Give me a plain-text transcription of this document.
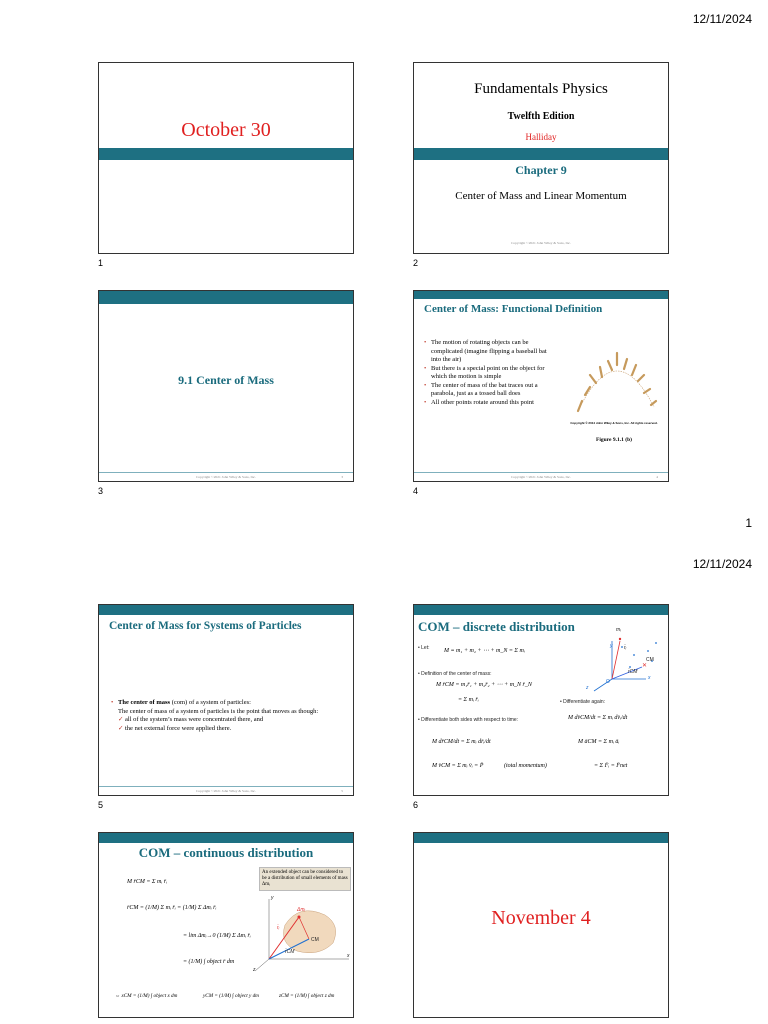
12/11/2024
October 30
1
Fundamentals Physics
Twelfth Edition
Halliday
Chapter 9
Center of Mass and Linear Momentum
Copyright ©2021 John Wiley & Sons, Inc.
2
9.1 Center of Mass
Copyright ©2021 John Wiley & Sons, Inc.	3
3
Center of Mass: Functional Definition
• The motion of rotating objects can be complicated (imagine flipping a baseball bat into the air)
• But there is a special point on the object for which the motion is simple
• The center of mass of the bat traces out a parabola, just as a tossed ball does
• All other points rotate around this point
Copyright © 2014 John Wiley & Sons, Inc. All rights reserved.
Figure 9.1.1 (b)
Copyright ©2021 John Wiley & Sons, Inc.	4
4
1
12/11/2024
Center of Mass for Systems of Particles
• The center of mass (com) of a system of particles:
The center of mass of a system of particles is the point that moves as though:
✓ all of the system’s mass were concentrated there, and
✓ the net external force were applied there.
Copyright ©2021 John Wiley & Sons, Inc.	5
5
COM – discrete distribution
• Let: M ≡ m₁ + m₂ + ⋯ + m_N = Σ mᵢ
• Definition of the center of mass:
M r̄CM = m₁r̄₁ + m₂r̄₂ + ⋯ + m_N r̄_N
= Σ mᵢ r̄ᵢ
• Differentiate both sides with respect to time:
M dr̄CM/dt = Σ mᵢ dr̄ᵢ/dt
M v̄CM = Σ mᵢ v̄ᵢ = P̄	(total momentum)
• Differentiate again:
M dv̄CM/dt = Σ mᵢ dv̄ᵢ/dt
M āCM = Σ mᵢ āᵢ
= Σ F̄ᵢ = F̄net
✕
y
x
z
O
CM
mᵢ
r̄ᵢ
r̄CM
6
COM – continuous distribution
M r̄CM = Σ mᵢ r̄ᵢ
r̄CM = (1/M) Σ mᵢ r̄ᵢ = (1/M) Σ Δmᵢ r̄ᵢ
= lim Δmᵢ→0 (1/M) Σ Δmᵢ r̄ᵢ
= (1/M) ∫ object r̄ dm
⇔ xCM = (1/M) ∫ object x dm	yCM = (1/M) ∫ object y dm	zCM = (1/M) ∫ object z dm
An extended object can be considered to be a distribution of small elements of mass Δmᵢ
Δmᵢ
CM
r̄CM
r̄ᵢ
y
x
z
November 4
